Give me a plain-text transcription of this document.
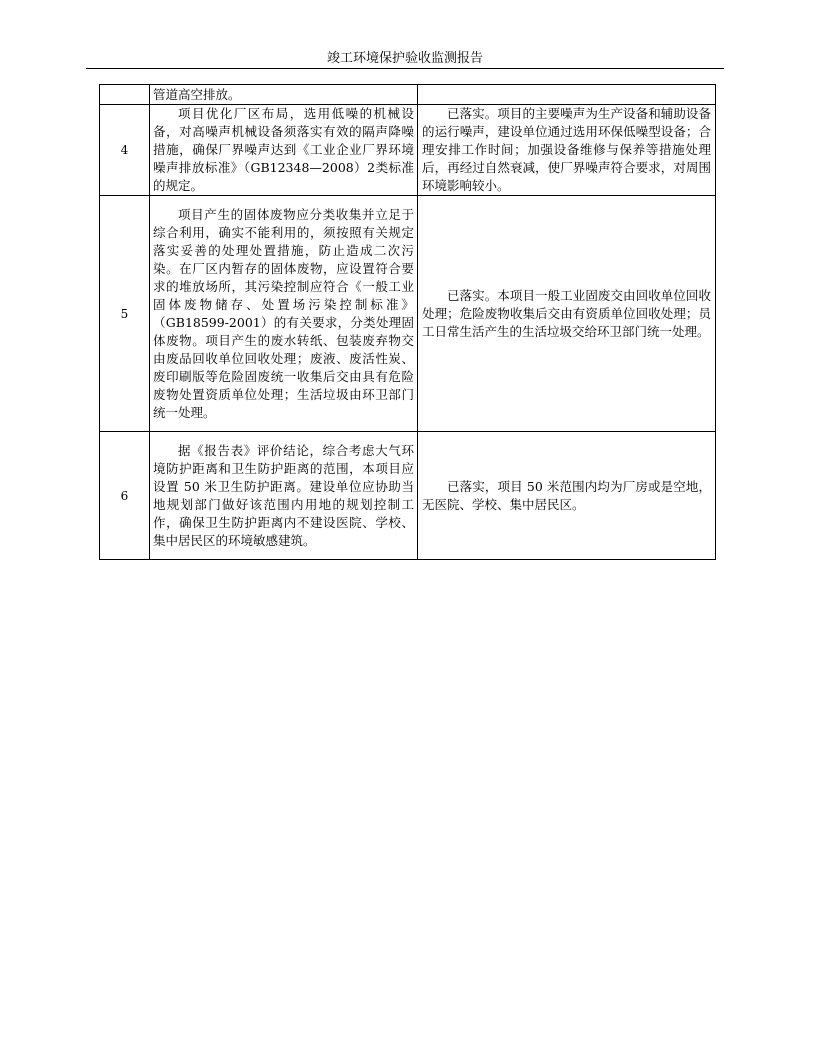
竣工环境保护验收监测报告

	管道高空排放。	

4	项目优化厂区布局，选用低噪的机械设备，对高噪声机械设备须落实有效的隔声降噪措施，确保厂界噪声达到《工业企业厂界环境噪声排放标准》（GB12348—2008）2类标准的规定。	已落实。项目的主要噪声为生产设备和辅助设备的运行噪声，建设单位通过选用环保低噪型设备；合理安排工作时间；加强设备维修与保养等措施处理后，再经过自然衰减，使厂界噪声符合要求，对周围环境影响较小。

5	项目产生的固体废物应分类收集并立足于综合利用，确实不能利用的，须按照有关规定落实妥善的处理处置措施，防止造成二次污染。在厂区内暂存的固体废物，应设置符合要求的堆放场所，其污染控制应符合《一般工业固体废物储存、处置场污染控制标准》（GB18599-2001）的有关要求，分类处理固体废物。项目产生的废水转纸、包装废弃物交由废品回收单位回收处理；废液、废活性炭、废印刷版等危险固废统一收集后交由具有危险废物处置资质单位处理；生活垃圾由环卫部门统一处理。	已落实。本项目一般工业固废交由回收单位回收处理；危险废物收集后交由有资质单位回收处理；员工日常生活产生的生活垃圾交给环卫部门统一处理。

6	据《报告表》评价结论，综合考虑大气环境防护距离和卫生防护距离的范围，本项目应设置 50 米卫生防护距离。建设单位应协助当地规划部门做好该范围内用地的规划控制工作，确保卫生防护距离内不建设医院、学校、集中居民区的环境敏感建筑。	已落实，项目 50 米范围内均为厂房或是空地，无医院、学校、集中居民区。
